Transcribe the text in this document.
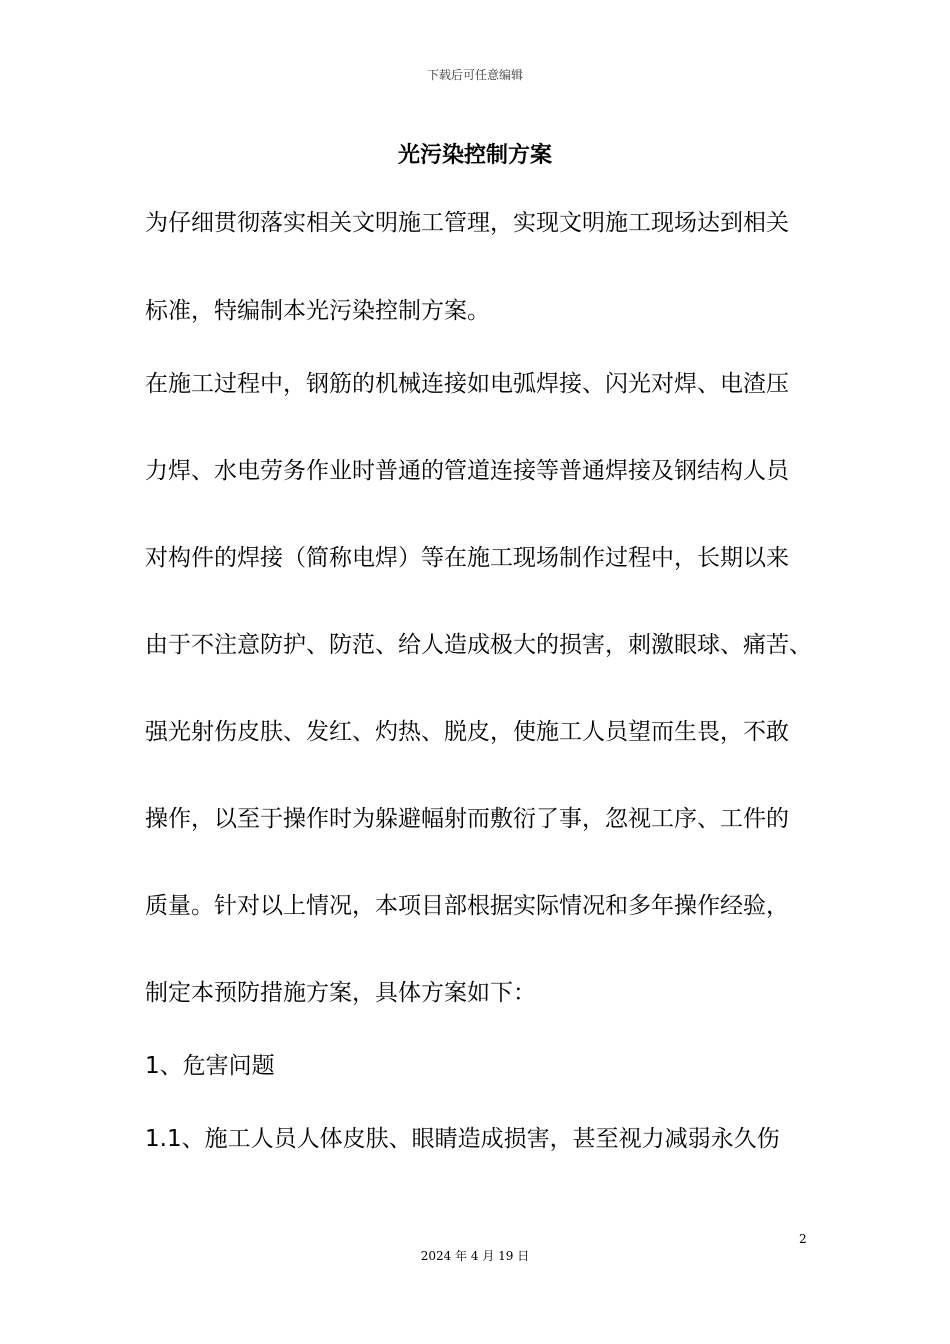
下载后可任意编辑
光污染控制方案
为仔细贯彻落实相关文明施工管理，实现文明施工现场达到相关
标准，特编制本光污染控制方案。
在施工过程中，钢筋的机械连接如电弧焊接、闪光对焊、电渣压
力焊、水电劳务作业时普通的管道连接等普通焊接及钢结构人员
对构件的焊接（简称电焊）等在施工现场制作过程中，长期以来
由于不注意防护、防范、给人造成极大的损害，刺激眼球、痛苦、
强光射伤皮肤、发红、灼热、脱皮，使施工人员望而生畏，不敢
操作，以至于操作时为躲避幅射而敷衍了事，忽视工序、工件的
质量。针对以上情况，本项目部根据实际情况和多年操作经验，
制定本预防措施方案，具体方案如下：
1、危害问题
1.1、施工人员人体皮肤、眼睛造成损害，甚至视力减弱永久伤
2
2024 年 4 月 19 日
